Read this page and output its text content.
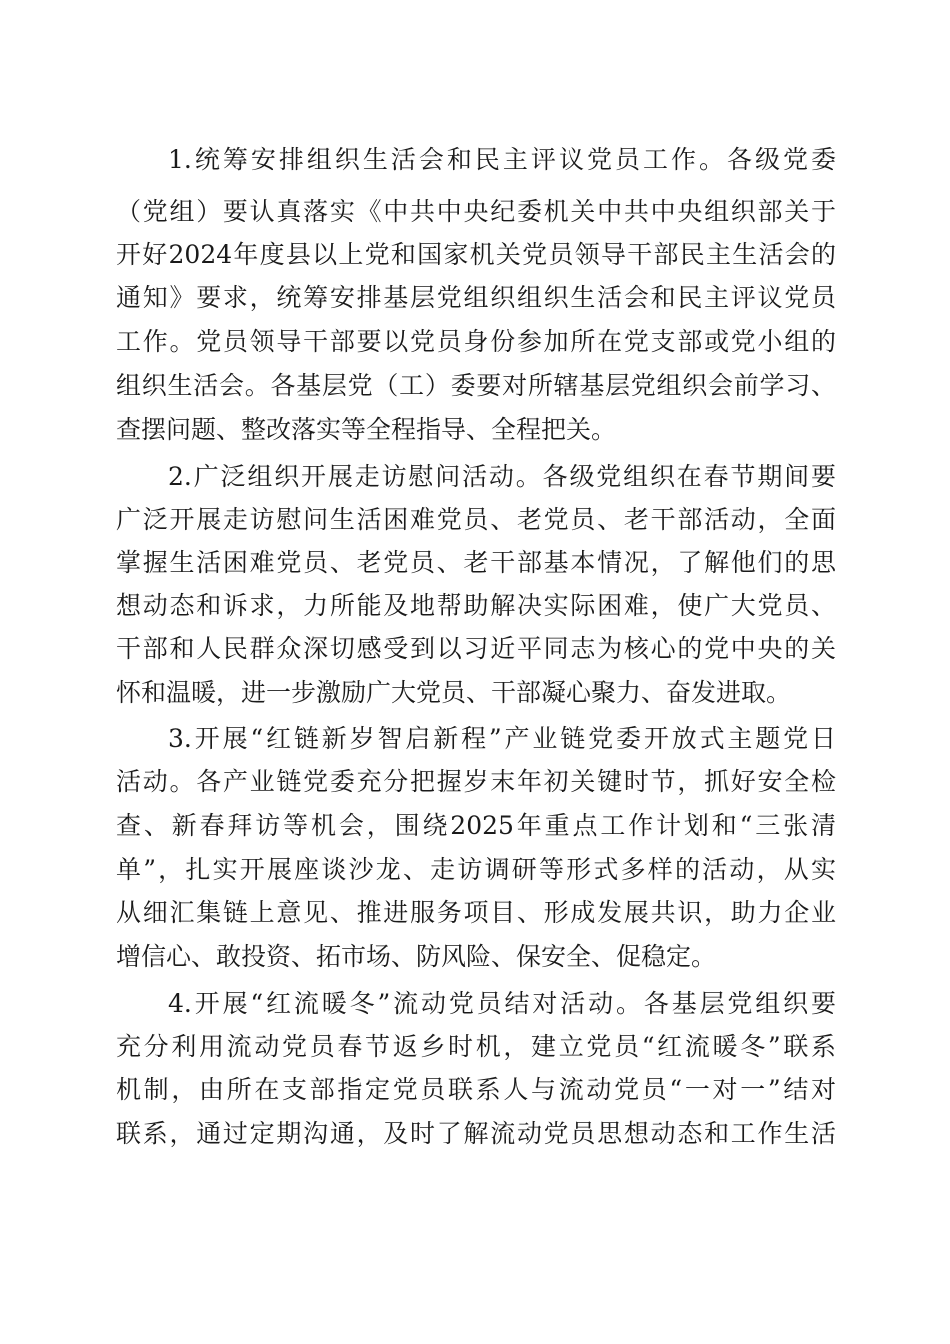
1.统筹安排组织生活会和民主评议党员工作。各级党委
（党组）要认真落实《中共中央纪委机关中共中央组织部关于
开好2024年度县以上党和国家机关党员领导干部民主生活会的
通知》要求，统筹安排基层党组织组织生活会和民主评议党员
工作。党员领导干部要以党员身份参加所在党支部或党小组的
组织生活会。各基层党（工）委要对所辖基层党组织会前学习、
查摆问题、整改落实等全程指导、全程把关。
2.广泛组织开展走访慰问活动。各级党组织在春节期间要
广泛开展走访慰问生活困难党员、老党员、老干部活动，全面
掌握生活困难党员、老党员、老干部基本情况，了解他们的思
想动态和诉求，力所能及地帮助解决实际困难，使广大党员、
干部和人民群众深切感受到以习近平同志为核心的党中央的关
怀和温暖，进一步激励广大党员、干部凝心聚力、奋发进取。
3.开展“红链新岁智启新程”产业链党委开放式主题党日
活动。各产业链党委充分把握岁末年初关键时节，抓好安全检
查、新春拜访等机会，围绕2025年重点工作计划和“三张清
单”，扎实开展座谈沙龙、走访调研等形式多样的活动，从实
从细汇集链上意见、推进服务项目、形成发展共识，助力企业
增信心、敢投资、拓市场、防风险、保安全、促稳定。
4.开展“红流暖冬”流动党员结对活动。各基层党组织要
充分利用流动党员春节返乡时机，建立党员“红流暖冬”联系
机制，由所在支部指定党员联系人与流动党员“一对一”结对
联系，通过定期沟通，及时了解流动党员思想动态和工作生活
